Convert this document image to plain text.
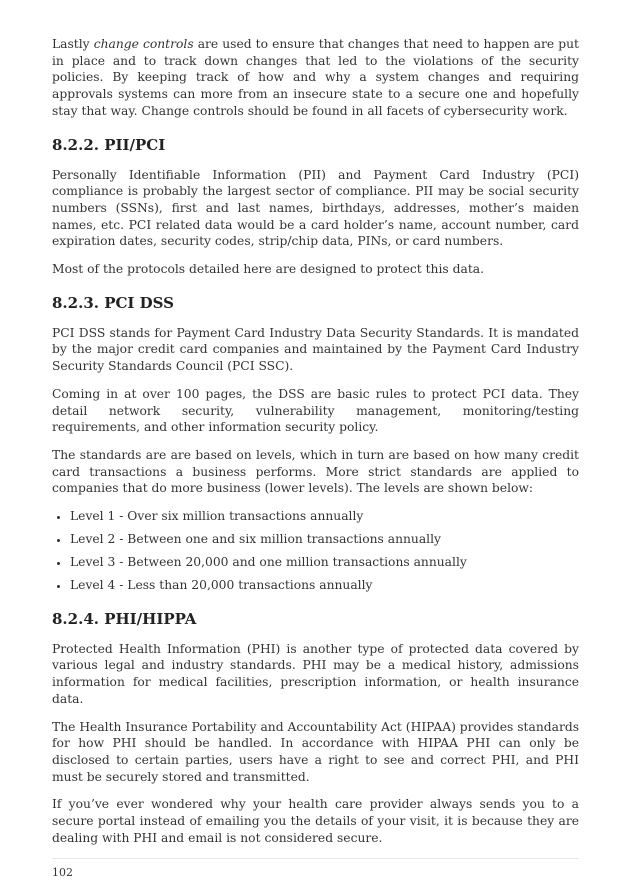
Lastly change controls are used to ensure that changes that need to happen are put in place and to track down changes that led to the violations of the security policies. By keeping track of how and why a system changes and requiring approvals systems can more from an insecure state to a secure one and hopefully stay that way. Change controls should be found in all facets of cybersecurity work.

8.2.2. PII/PCI

Personally Identifiable Information (PII) and Payment Card Industry (PCI) compliance is probably the largest sector of compliance. PII may be social security numbers (SSNs), first and last names, birthdays, addresses, mother’s maiden names, etc. PCI related data would be a card holder’s name, account number, card expiration dates, security codes, strip/chip data, PINs, or card numbers.

Most of the protocols detailed here are designed to protect this data.

8.2.3. PCI DSS

PCI DSS stands for Payment Card Industry Data Security Standards. It is mandated by the major credit card companies and maintained by the Payment Card Industry Security Standards Council (PCI SSC).

Coming in at over 100 pages, the DSS are basic rules to protect PCI data. They detail network security, vulnerability management, monitoring/testing requirements, and other information security policy.

The standards are are based on levels, which in turn are based on how many credit card transactions a business performs. More strict standards are applied to companies that do more business (lower levels). The levels are shown below:

• Level 1 - Over six million transactions annually
• Level 2 - Between one and six million transactions annually
• Level 3 - Between 20,000 and one million transactions annually
• Level 4 - Less than 20,000 transactions annually
8.2.4. PHI/HIPPA

Protected Health Information (PHI) is another type of protected data covered by various legal and industry standards. PHI may be a medical history, admissions information for medical facilities, prescription information, or health insurance data.

The Health Insurance Portability and Accountability Act (HIPAA) provides standards for how PHI should be handled. In accordance with HIPAA PHI can only be disclosed to certain parties, users have a right to see and correct PHI, and PHI must be securely stored and transmitted.

If you’ve ever wondered why your health care provider always sends you to a secure portal instead of emailing you the details of your visit, it is because they are dealing with PHI and email is not considered secure.

102
